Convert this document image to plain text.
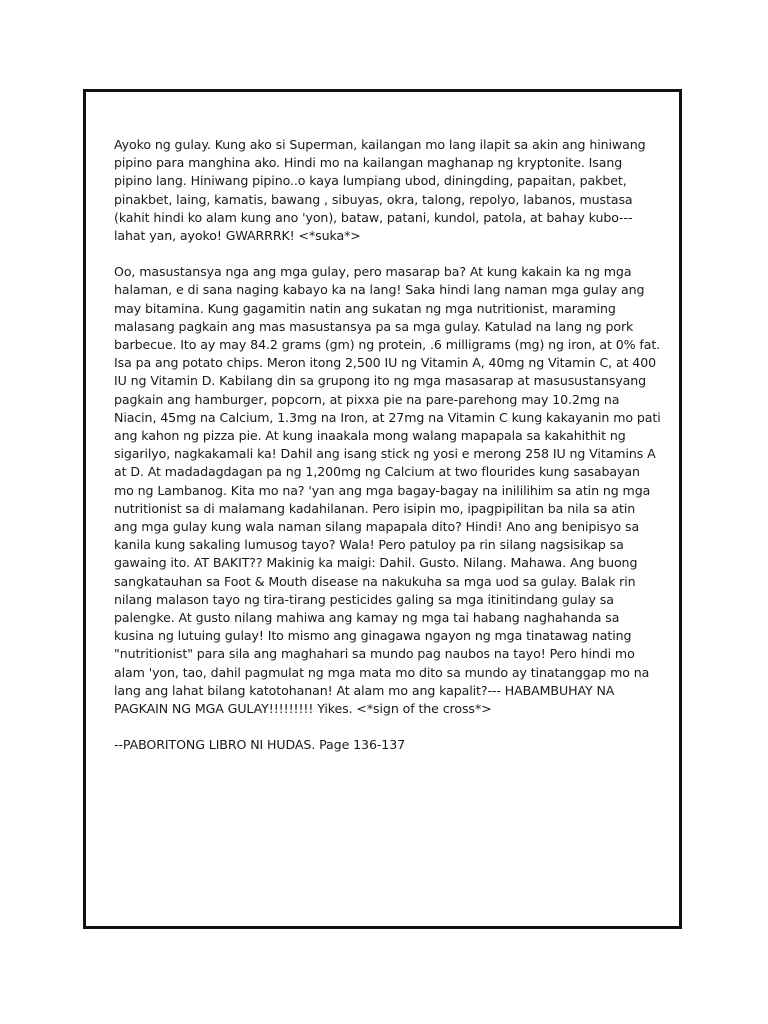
Ayoko ng gulay. Kung ako si Superman, kailangan mo lang ilapit sa akin ang hiniwang pipino para manghina ako. Hindi mo na kailangan maghanap ng kryptonite. Isang pipino lang. Hiniwang pipino..o kaya lumpiang ubod, diningding, papaitan, pakbet, pinakbet, laing, kamatis, bawang , sibuyas, okra, talong, repolyo, labanos, mustasa (kahit hindi ko alam kung ano 'yon), bataw, patani, kundol, patola, at bahay kubo--- lahat yan, ayoko! GWARRRK! <*suka*>

Oo, masustansya nga ang mga gulay, pero masarap ba? At kung kakain ka ng mga halaman, e di sana naging kabayo ka na lang! Saka hindi lang naman mga gulay ang may bitamina. Kung gagamitin natin ang sukatan ng mga nutritionist, maraming malasang pagkain ang mas masustansya pa sa mga gulay. Katulad na lang ng pork barbecue. Ito ay may 84.2 grams (gm) ng protein, .6 milligrams (mg) ng iron, at 0% fat. Isa pa ang potato chips. Meron itong 2,500 IU ng Vitamin A, 40mg ng Vitamin C, at 400 IU ng Vitamin D. Kabilang din sa grupong ito ng mga masasarap at masusustansyang pagkain ang hamburger, popcorn, at pixxa pie na pare-parehong may 10.2mg na Niacin, 45mg na Calcium, 1.3mg na Iron, at 27mg na Vitamin C kung kakayanin mo pati ang kahon ng pizza pie. At kung inaakala mong walang mapapala sa kakahithit ng sigarilyo, nagkakamali ka! Dahil ang isang stick ng yosi e merong 258 IU ng Vitamins A at D. At madadagdagan pa ng 1,200mg ng Calcium at two flourides kung sasabayan mo ng Lambanog. Kita mo na? 'yan ang mga bagay-bagay na inililihim sa atin ng mga nutritionist sa di malamang kadahilanan. Pero isipin mo, ipagpipilitan ba nila sa atin ang mga gulay kung wala naman silang mapapala dito? Hindi! Ano ang benipisyo sa kanila kung sakaling lumusog tayo? Wala! Pero patuloy pa rin silang nagsisikap sa gawaing ito. AT BAKIT?? Makinig ka maigi: Dahil. Gusto. Nilang. Mahawa. Ang buong sangkatauhan sa Foot & Mouth disease na nakukuha sa mga uod sa gulay. Balak rin nilang malason tayo ng tira-tirang pesticides galing sa mga itinitindang gulay sa palengke. At gusto nilang mahiwa ang kamay ng mga tai habang naghahanda sa kusina ng lutuing gulay! Ito mismo ang ginagawa ngayon ng mga tinatawag nating "nutritionist" para sila ang maghahari sa mundo pag naubos na tayo! Pero hindi mo alam 'yon, tao, dahil pagmulat ng mga mata mo dito sa mundo ay tinatanggap mo na lang ang lahat bilang katotohanan! At alam mo ang kapalit?--- HABAMBUHAY NA PAGKAIN NG MGA GULAY!!!!!!!!! Yikes. <*sign of the cross*>

--PABORITONG LIBRO NI HUDAS. Page 136-137
